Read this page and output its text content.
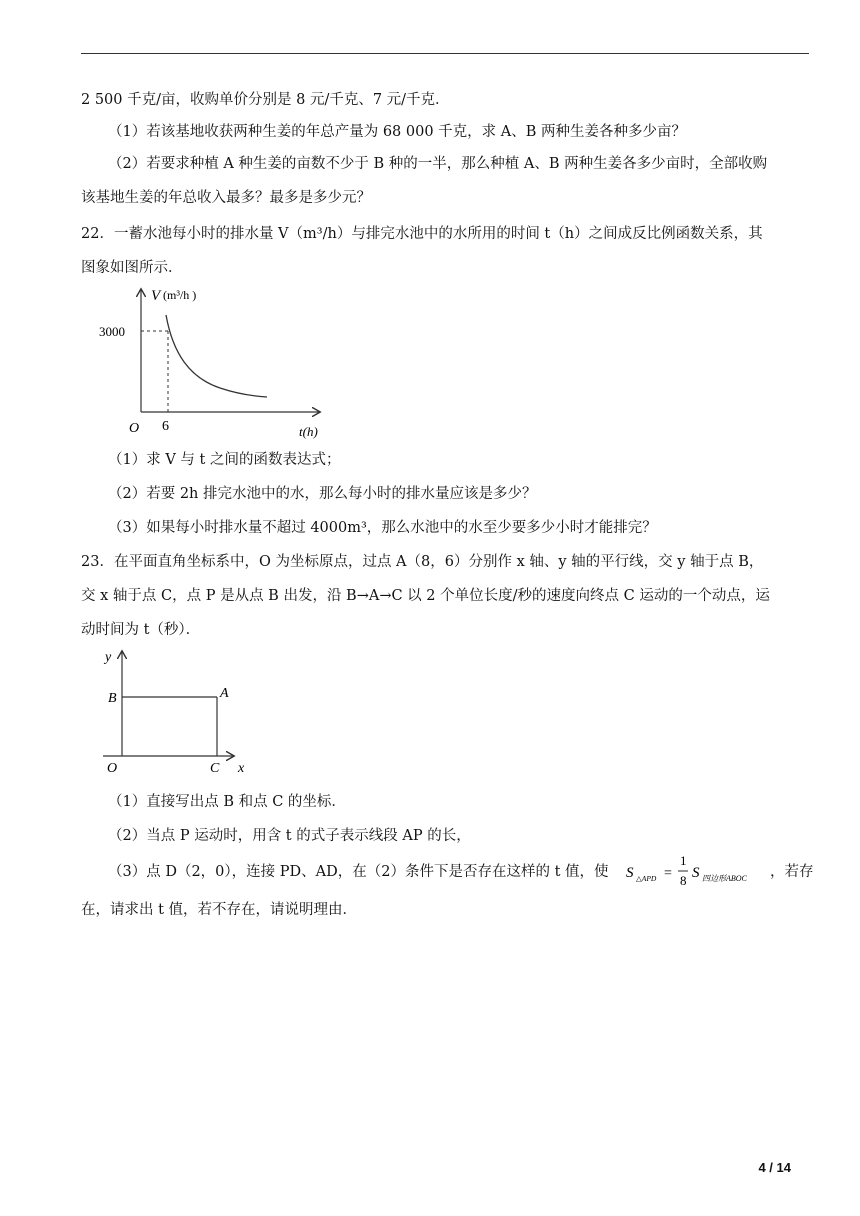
2 500 千克/亩，收购单价分别是 8 元/千克、7 元/千克．
（1）若该基地收获两种生姜的年总产量为 68 000 千克，求 A、B 两种生姜各种多少亩？
（2）若要求种植 A 种生姜的亩数不少于 B 种的一半，那么种植 A、B 两种生姜各多少亩时，全部收购
该基地生姜的年总收入最多？最多是多少元？
22．一蓄水池每小时的排水量 V（m³/h）与排完水池中的水所用的时间 t（h）之间成反比例函数关系，其
图象如图所示．
V (m³/h )
3000
O 6	t(h)
（1）求 V 与 t 之间的函数表达式；
（2）若要 2h 排完水池中的水，那么每小时的排水量应该是多少？
（3）如果每小时排水量不超过 4000m³，那么水池中的水至少要多少小时才能排完？
23．在平面直角坐标系中，O 为坐标原点，过点 A（8，6）分别作 x 轴、y 轴的平行线，交 y 轴于点 B，
交 x 轴于点 C，点 P 是从点 B 出发，沿 B→A→C 以 2 个单位长度/秒的速度向终点 C 运动的一个动点，运
动时间为 t（秒）．
y
B	A
O	C x
（1）直接写出点 B 和点 C 的坐标．
（2）当点 P 运动时，用含 t 的式子表示线段 AP 的长，
（3）点 D（2，0），连接 PD、AD，在（2）条件下是否存在这样的 t 值，使 S △APD =
1
8 S 四边形ABOC ，若存
在，请求出 t 值，若不存在，请说明理由．
4 / 14
